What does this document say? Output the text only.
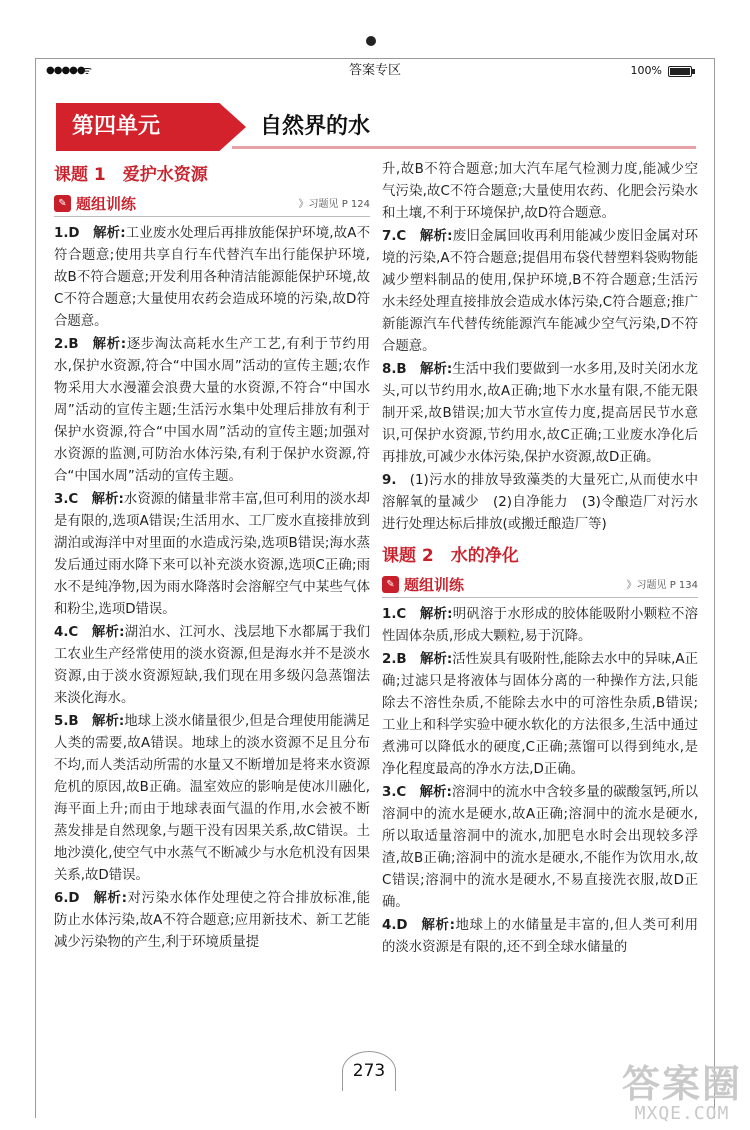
●●●●●
ᯤ	答案专区	100%
第四单元	自然界的水
课题 1　爱护水资源
✎ 题组训练	》习题见 P 124

1.D  解析:工业废水处理后再排放能保护环境,故A不符合题意;使用共享自行车代替汽车出行能保护环境,故B不符合题意;开发利用各种清洁能源能保护环境,故C不符合题意;大量使用农药会造成环境的污染,故D符合题意。

2.B  解析:逐步淘汰高耗水生产工艺,有利于节约用水,保护水资源,符合“中国水周”活动的宣传主题;农作物采用大水漫灌会浪费大量的水资源,不符合“中国水周”活动的宣传主题;生活污水集中处理后排放有利于保护水资源,符合“中国水周”活动的宣传主题;加强对水资源的监测,可防治水体污染,有利于保护水资源,符合“中国水周”活动的宣传主题。

3.C  解析:水资源的储量非常丰富,但可利用的淡水却是有限的,选项A错误;生活用水、工厂废水直接排放到湖泊或海洋中对里面的水造成污染,选项B错误;海水蒸发后通过雨水降下来可以补充淡水资源,选项C正确;雨水不是纯净物,因为雨水降落时会溶解空气中某些气体和粉尘,选项D错误。

4.C  解析:湖泊水、江河水、浅层地下水都属于我们工农业生产经常使用的淡水资源,但是海水并不是淡水资源,由于淡水资源短缺,我们现在用多级闪急蒸馏法来淡化海水。

5.B  解析:地球上淡水储量很少,但是合理使用能满足人类的需要,故A错误。地球上的淡水资源不足且分布不均,而人类活动所需的水量又不断增加是将来水资源危机的原因,故B正确。温室效应的影响是使冰川融化,海平面上升;而由于地球表面气温的作用,水会被不断蒸发排是自然现象,与题干没有因果关系,故C错误。土地沙漠化,使空气中水蒸气不断减少与水危机没有因果关系,故D错误。

6.D  解析:对污染水体作处理使之符合排放标准,能防止水体污染,故A不符合题意;应用新技术、新工艺能减少污染物的产生,利于环境质量提

升,故B不符合题意;加大汽车尾气检测力度,能减少空气污染,故C不符合题意;大量使用农药、化肥会污染水和土壤,不利于环境保护,故D符合题意。

7.C  解析:废旧金属回收再利用能减少废旧金属对环境的污染,A不符合题意;提倡用布袋代替塑料袋购物能减少塑料制品的使用,保护环境,B不符合题意;生活污水未经处理直接排放会造成水体污染,C符合题意;推广新能源汽车代替传统能源汽车能减少空气污染,D不符合题意。

8.B  解析:生活中我们要做到一水多用,及时关闭水龙头,可以节约用水,故A正确;地下水水量有限,不能无限制开采,故B错误;加大节水宣传力度,提高居民节水意识,可保护水资源,节约用水,故C正确;工业废水净化后再排放,可减少水体污染,保护水资源,故D正确。

9.  (1)污水的排放导致藻类的大量死亡,从而使水中溶解氧的量减少　(2)自净能力　(3)令酿造厂对污水进行处理达标后排放(或搬迁酿造厂等)

课题 2　水的净化
✎ 题组训练	》习题见 P 134

1.C  解析:明矾溶于水形成的胶体能吸附小颗粒不溶性固体杂质,形成大颗粒,易于沉降。

2.B  解析:活性炭具有吸附性,能除去水中的异味,A正确;过滤只是将液体与固体分离的一种操作方法,只能除去不溶性杂质,不能除去水中的可溶性杂质,B错误;工业上和科学实验中硬水软化的方法很多,生活中通过煮沸可以降低水的硬度,C正确;蒸馏可以得到纯水,是净化程度最高的净水方法,D正确。

3.C  解析:溶洞中的流水中含较多量的碳酸氢钙,所以溶洞中的流水是硬水,故A正确;溶洞中的流水是硬水,所以取适量溶洞中的流水,加肥皂水时会出现较多浮渣,故B正确;溶洞中的流水是硬水,不能作为饮用水,故C错误;溶洞中的流水是硬水,不易直接洗衣服,故D正确。

4.D  解析:地球上的水储量是丰富的,但人类可利用的淡水资源是有限的,还不到全球水储量的

273	答案圈
MXQE.COM
